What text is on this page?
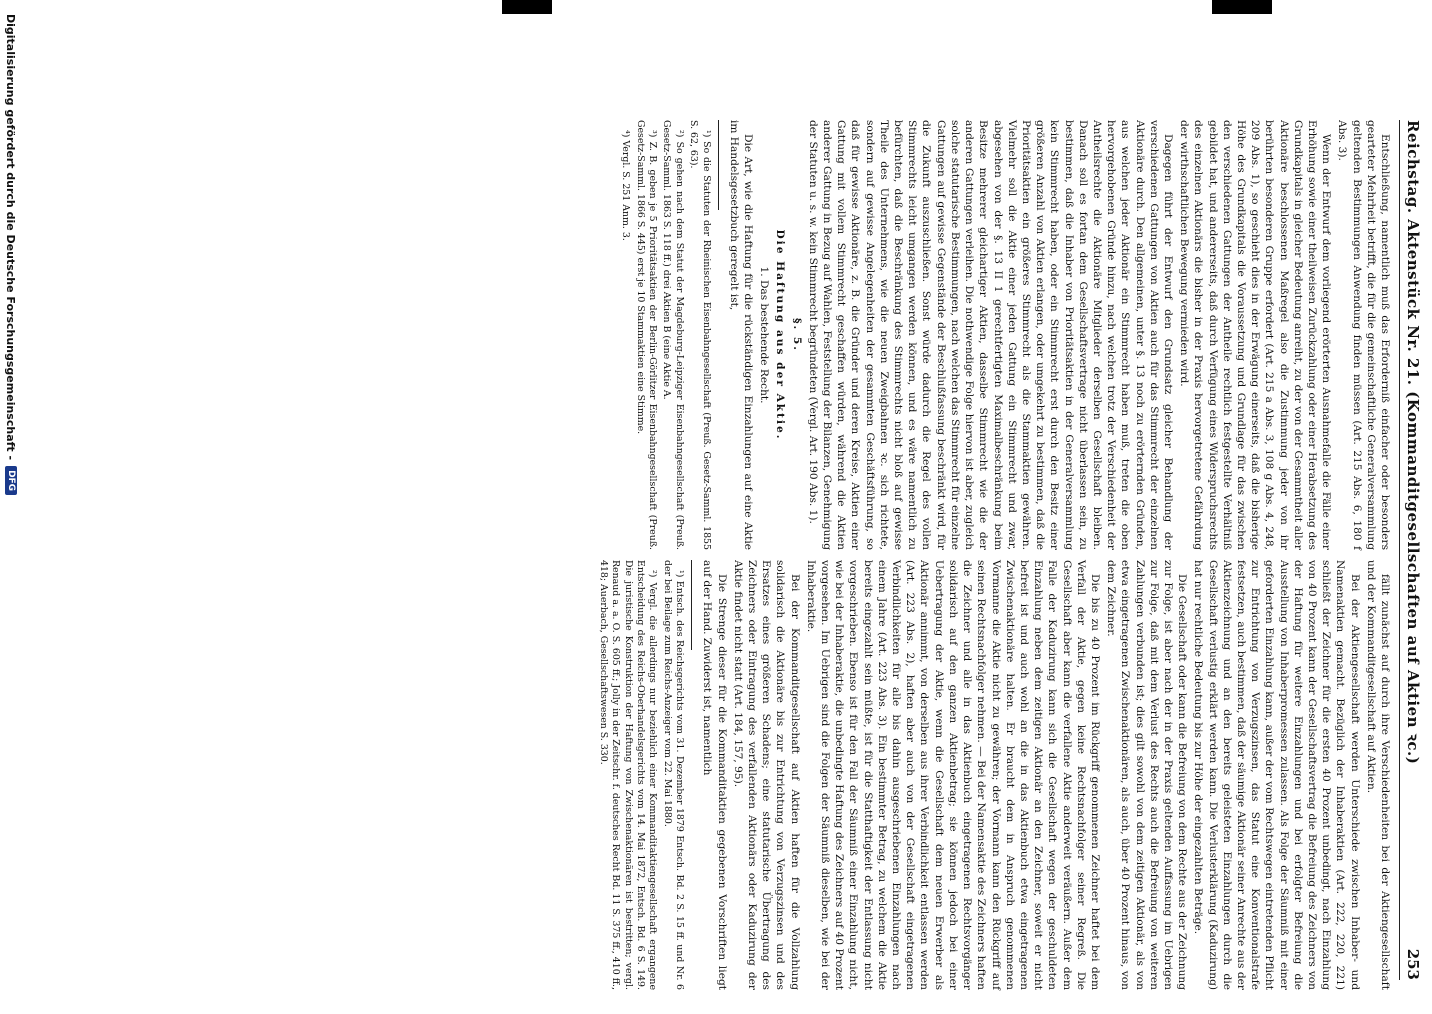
Reichstag. Aktenstück Nr. 21. (Kommanditgesellschaften auf Aktien ꝛc.)
253

Entschließung, namentlich muß das Erforderniß einfacher oder besonders gearteter Mehrheit betrifft, die für die gemeinschaftliche Generalversammlung geltenden Bestimmungen Anwendung finden müssen (Art. 215 Abs. 6, 180 f Abs. 3).

Wenn der Entwurf dem vorliegend erörterten Ausnahmefalle die Fälle einer Erhöhung sowie einer theilweisen Zurückzahlung oder einer Herabsetzung des Grundkapitals in gleicher Bedeutung anreiht, zu der von der Gesammtheit aller Aktionäre beschlossenen Maßregel also die Zustimmung jeder von ihr berührten besonderen Gruppe erfordert (Art. 215 a Abs. 3, 108 g Abs. 4, 248, 209 Abs. 1), so geschieht dies in der Erwägung einerseits, daß die bisherige Höhe des Grundkapitals die Voraussetzung und Grundlage für das zwischen den verschiedenen Gattungen der Antheile rechtlich festgestellte Verhältniß gebildet hat, und andererseits, daß durch Verfügung eines Widerspruchsrechts des einzelnen Aktionärs die bisher in der Praxis hervorgetretene Gefährdung der wirthschaftlichen Bewegung vermieden wird.

Dagegen führt der Entwurf den Grundsatz gleicher Behandlung der verschiedenen Gattungen von Aktien auch für das Stimmrecht der einzelnen Aktionäre durch. Den allgemeinen, unter §. 13 noch zu erörternden Gründen, aus welchen jeder Aktionär ein Stimmrecht haben muß, treten die oben hervorgehobenen Gründe hinzu, nach welchen trotz der Verschiedenheit der Antheilsrechte die Aktionäre Mitglieder derselben Gesellschaft bleiben. Danach soll es fortan dem Gesellschaftsvertrage nicht überlassen sein, zu bestimmen, daß die Inhaber von Prioritätsaktien in der Generalversammlung kein Stimmrecht haben, oder ein Stimmrecht erst durch den Besitz einer größeren Anzahl von Aktien erlangen, oder umgekehrt zu bestimmen, daß die Prioritätsaktien ein größeres Stimmrecht als die Stammaktien gewähren. Vielmehr soll die Aktie einer jeden Gattung ein Stimmrecht und zwar, abgesehen von der §. 13 II 1 gerechtfertigten Maximalbeschränkung beim Besitze mehrerer gleichartiger Aktien, dasselbe Stimmrecht wie die der anderen Gattungen verleihen. Die nothwendige Folge hiervon ist aber, zugleich solche statutarische Bestimmungen, nach welchen das Stimmrecht für einzelne Gattungen auf gewisse Gegenstände der Beschlußfassung beschränkt wird, für die Zukunft auszuschließen. Sonst würde dadurch die Regel des vollen Stimmrechts leicht umgangen werden können, und es wäre namentlich zu befürchten, daß die Beschränkung des Stimmrechts nicht bloß auf gewisse Theile des Unternehmens, wie die neuen Zweigbahnen ꝛc. sich richtete, sondern auf gewisse Angelegenheiten der gesammten Geschäftsführung, so daß für gewisse Aktionäre, z. B. die Gründer und deren Kreise, Aktien einer Gattung mit vollem Stimmrecht geschaffen würden, während die Aktien anderer Gattung in Bezug auf Wahlen, Feststellung der Bilanzen, Genehmigung der Statuten u. s. w. kein Stimmrecht begründeten (Vergl. Art. 190 Abs. 1).

§. 5.

Die Haftung aus der Aktie.

1. Das bestehende Recht.

Die Art, wie die Haftung für die rückständigen Einzahlungen auf eine Aktie im Handelsgesetzbuch geregelt ist,

¹) So die Statuten der Rheinischen Eisenbahngesellschaft (Preuß. Gesetz-Samml. 1855 S. 62, 63).

²) So gehen nach dem Statut der Magdeburg-Leipziger Eisenbahngesellschaft (Preuß. Gesetz-Samml. 1863 S. 118 ff.) drei Aktien B (eine Aktie A.

³) Z. B. geben je 5 Prioritätsaktien der Berlin-Görlitzer Eisenbahngesellschaft (Preuß. Gesetz-Samml. 1866 S. 445) erst je 10 Stammaktien eine Stimme.

⁴) Vergl. S. 251 Anm. 3.

fällt zunächst auf durch ihre Verschiedenheiten bei der Aktiengesellschaft und der Kommanditgesellschaft auf Aktien.

Bei der Aktiengesellschaft werden Unterschiede zwischen Inhaber- und Namenaktien gemacht. Bezüglich der Inhaberaktien (Art. 222, 220, 221) schließt der Zeichner für die ersten 40 Prozent unbedingt, nach Einzahlung von 40 Prozent kann der Gesellschaftsvertrag die Befreiung des Zeichners von der Haftung für weitere Einzahlungen und bei erfolgter Befreiung die Ausstellung von Inhaberpromessen zulassen. Als Folge der Säumniß mit einer geforderten Einzahlung kann, außer der vom Rechtswegen eintretenden Pflicht zur Entrichtung von Verzugszinsen, das Statut eine Konventionalstrafe festsetzen, auch bestimmen, daß der säumige Aktionär seiner Anrechte aus der Aktienzeichnung und an den bereits geleisteten Einzahlungen durch die Gesellschaft verlustig erklärt werden kann. Die Verlusterklärung (Kaduzirung) hat nur rechtliche Bedeutung bis zur Höhe der eingezahlten Beträge.

Die Gesellschaft oder kann die Befreiung von dem Rechte aus der Zeichnung zur Folge, ist aber nach der in der Praxis geltenden Auffassung im Uebrigen zur Folge, daß mit dem Verlust des Rechts auch die Befreiung von weiteren Zahlungen verbunden ist; dies gilt sowohl von dem zeitigen Aktionär, als von etwa eingetragenen Zwischenaktionären, als auch, über 40 Prozent hinaus, von dem Zeichner.

Die bis zu 40 Prozent im Rückgriff genommenen Zeichner haftet bei dem Verfall der Aktie, gegen keine Rechtsnachfolger seiner Regreß. Die Gesellschaft aber kann die verfallene Aktie anderweit veräußern. Außer dem Falle der Kaduzirung kann sich die Gesellschaft wegen der geschuldeten Einzahlung neben dem zeitigen Aktionär an den Zeichner, soweit er nicht befreit ist und auch wohl an die in das Aktienbuch etwa eingetragenen Zwischenaktionäre halten. Er braucht dem in Anspruch genommenen Vormanne die Aktie nicht zu gewähren; der Vormann kann den Rückgriff auf seinen Rechtsnachfolger nehmen. — Bei der Namensaktie des Zeichners haften die Zeichner und alle in das Aktienbuch eingetragenen Rechtsvorgänger solidarisch auf den ganzen Aktienbetrag; sie können jedoch bei einer Uebertragung der Aktie, wenn die Gesellschaft dem neuen Erwerber als Aktionär annimmt, von derselben aus ihrer Verbindlichkeit entlassen werden (Art. 223 Abs. 2), haften aber auch von der Gesellschaft eingetragenen Verbindlichkeiten für alle bis dahin ausgeschriebenen Einzahlungen nach einem Jahre (Art. 223 Abs. 3). Ein bestimmter Betrag, zu welchem die Aktie bereits eingezahlt sein müßte, ist für die Statthaftigkeit der Entlassung nicht vorgeschrieben. Ebenso ist für den Fall der Säumniß einer Einzahlung nicht, wie bei der Inhaberaktie, die unbedingte Haftung des Zeichners auf 40 Prozent vorgesehen. Im Uebrigen sind die Folgen der Säumniß dieselben, wie bei der Inhaberaktie.

Bei der Kommanditgesellschaft auf Aktien haften für die Vollzahlung solidarisch die Aktionäre bis zur Entrichtung von Verzugszinsen und des Ersatzes eines größeren Schadens; eine statutarische Übertragung des Zeichners oder Eintragung des verfallenden Aktionärs oder Kaduzirung der Aktie findet nicht statt (Art. 184, 157, 95).

Die Strenge dieser für die Kommanditaktien gegebenen Vorschriften liegt auf der Hand. Zuwiderst ist, namentlich

¹) Entsch. des Reichsgerichts vom 31. Dezember 1879 Entsch. Bd. 2 S. 15 ff. und Nr. 6 der bei Beilage zum Reichs-Anzeiger vom 22. Mai 1880.

²) Vergl. die allerdings nur beziehlich einer Kommanditaktiengesellschaft ergangene Entscheidung des Reichs-Oberhandelsgerichts vom 14. Mai 1872, Entsch. Bd. 6 S. 149. Die juristische Konstruktion der Haftung von Zwischenaktionären ist bestritten; vergl. Renaud a. a. O. S. 605 ff.; Jolly in der Zeitschr. f. deutsches Recht Bd. 11 S. 375 ff., 410 ff., 418; Auerbach, Gesellschaftswesen S. 330.

Digitalisierung gefördert durch die Deutsche Forschungsgemeinschaft -
DFG
